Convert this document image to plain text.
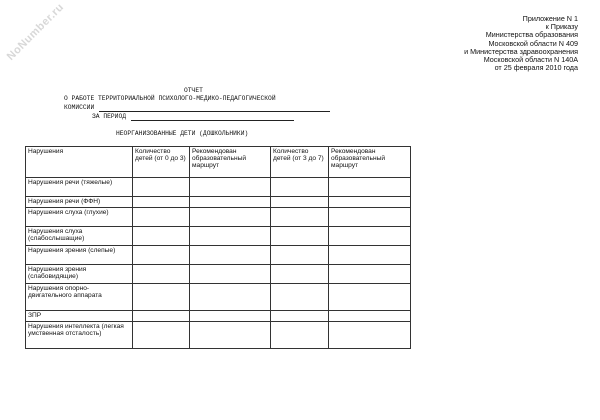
NoNumber.ru	Приложение N 1
к Приказу
Министерства образования
Московской области N 409
и Министерства здравоохранения
Московской области N 140А
от 25 февраля 2010 года
ОТЧЕТ
О РАБОТЕ ТЕРРИТОРИАЛЬНОЙ ПСИХОЛОГО-МЕДИКО-ПЕДАГОГИЧЕСКОЙ
КОМИССИИ
ЗА ПЕРИОД
НЕОРГАНИЗОВАННЫЕ ДЕТИ (ДОШКОЛЬНИКИ)
Нарушения	Количество детей (от 0 до 3)	Рекомендован образовательный маршрут	Количество детей (от 3 до 7)	Рекомендован образовательный маршрут
Нарушения речи (тяжелые)				
Нарушения речи (ФФН)				
Нарушения слуха (глухие)				
Нарушения слуха (слабослышащие)				
Нарушения зрения (слепые)				
Нарушения зрения (слабовидящие)				
Нарушения опорно-двигательного аппарата				
ЗПР				
Нарушения интеллекта (легкая умственная отсталость)				
